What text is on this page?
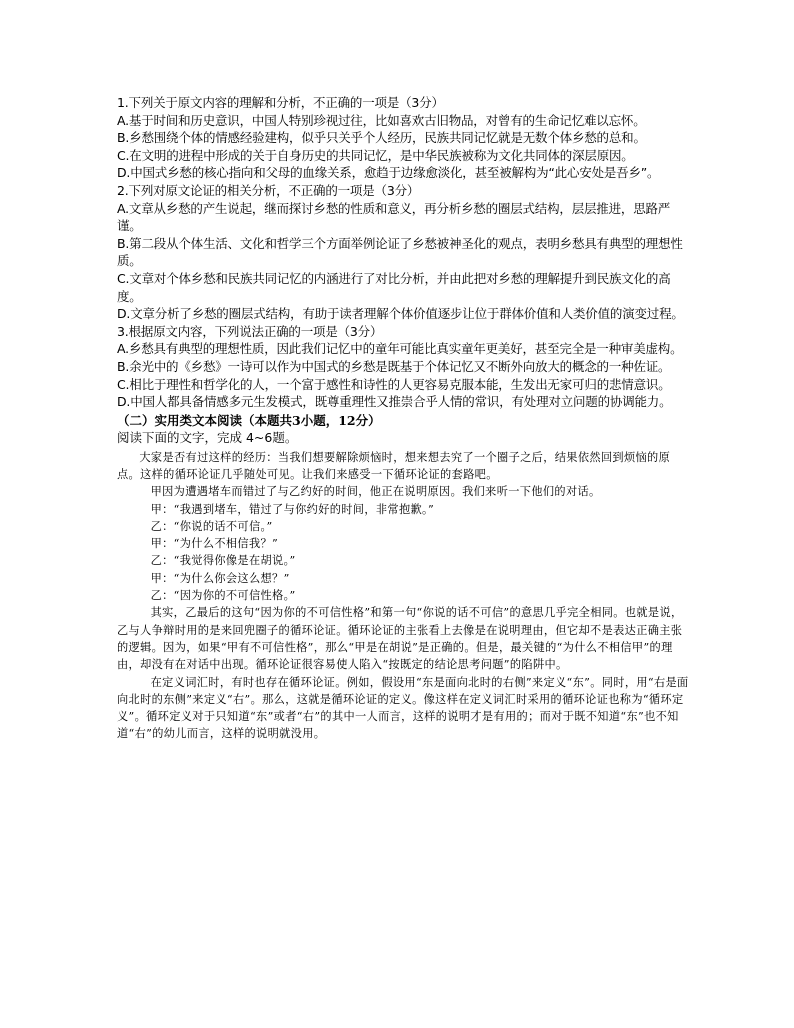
1.下列关于原文内容的理解和分析，不正确的一项是（3分）

A.基于时间和历史意识，中国人特别珍视过往，比如喜欢古旧物品，对曾有的生命记忆难以忘怀。

B.乡愁围绕个体的情感经验建构，似乎只关乎个人经历，民族共同记忆就是无数个体乡愁的总和。

C.在文明的进程中形成的关于自身历史的共同记忆，是中华民族被称为文化共同体的深层原因。

D.中国式乡愁的核心指向和父母的血缘关系，愈趋于边缘愈淡化，甚至被解构为“此心安处是吾乡”。

2.下列对原文论证的相关分析，不正确的一项是（3分）

A.文章从乡愁的产生说起，继而探讨乡愁的性质和意义，再分析乡愁的圈层式结构，层层推进，思路严谨。

B.第二段从个体生活、文化和哲学三个方面举例论证了乡愁被神圣化的观点，表明乡愁具有典型的理想性质。

C.文章对个体乡愁和民族共同记忆的内涵进行了对比分析，并由此把对乡愁的理解提升到民族文化的高度。

D.文章分析了乡愁的圈层式结构，有助于读者理解个体价值逐步让位于群体价值和人类价值的演变过程。

3.根据原文内容，下列说法正确的一项是（3分）

A.乡愁具有典型的理想性质，因此我们记忆中的童年可能比真实童年更美好，甚至完全是一种审美虚构。

B.余光中的《乡愁》一诗可以作为中国式的乡愁是既基于个体记忆又不断外向放大的概念的一种佐证。

C.相比于理性和哲学化的人，一个富于感性和诗性的人更容易克服本能，生发出无家可归的悲情意识。

D.中国人都具备情感多元生发模式，既尊重理性又推崇合乎人情的常识，有处理对立问题的协调能力。

（二）实用类文本阅读（本题共3小题，12分）
阅读下面的文字，完成 4~6题。

大家是否有过这样的经历：当我们想要解除烦恼时，想来想去究了一个圈子之后，结果依然回到烦恼的原点。这样的循环论证几乎随处可见。让我们来感受一下循环论证的套路吧。

甲因为遭遇堵车而错过了与乙约好的时间，他正在说明原因。我们来听一下他们的对话。

甲：“我遇到堵车，错过了与你约好的时间，非常抱歉。”

乙：“你说的话不可信。”

甲：“为什么不相信我？”

乙：“我觉得你像是在胡说。”

甲：“为什么你会这么想？”

乙：“因为你的不可信性格。”

其实，乙最后的这句“因为你的不可信性格”和第一句“你说的话不可信”的意思几乎完全相同。也就是说，乙与人争辩时用的是来回兜圈子的循环论证。循环论证的主张看上去像是在说明理由，但它却不是表达正确主张的逻辑。因为，如果“甲有不可信性格”，那么“甲是在胡说”是正确的。但是，最关键的“为什么不相信甲”的理由，却没有在对话中出现。循环论证很容易使人陷入“按既定的结论思考问题”的陷阱中。

在定义词汇时，有时也存在循环论证。例如，假设用“东是面向北时的右侧”来定义“东”。同时，用“右是面向北时的东侧”来定义“右”。那么，这就是循环论证的定义。像这样在定义词汇时采用的循环论证也称为“循环定义”。循环定义对于只知道“东”或者“右”的其中一人而言，这样的说明才是有用的；而对于既不知道“东”也不知道“右”的幼儿而言，这样的说明就没用。
